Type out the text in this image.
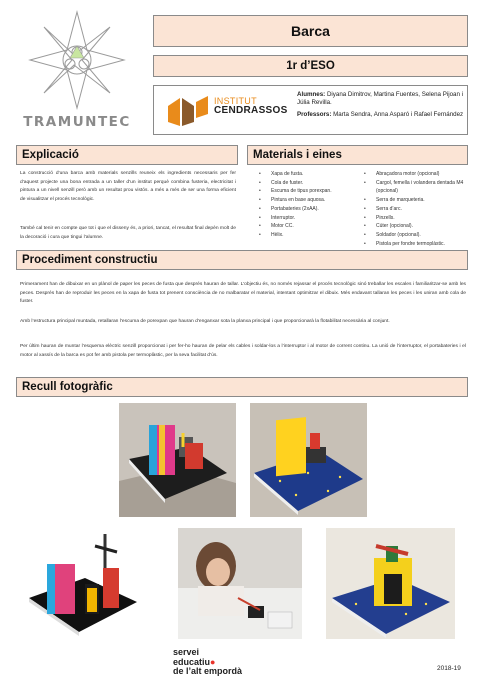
TRAMUNTEC
Barca
1r d’ESO
INSTITUT
CENDRASSOS
Alumnes: Diyana Dimitrov, Martina Fuentes, Selena Pijoan i Júlia Revilla.
Professors: Marta Sendra, Anna Asparó i Rafael Fernández
Explicació
La construcció d’una barca amb materials senzills reuneix els ingredients necessaris per fer d’aquest projecte una bona entrada a un taller d’un institut perquè combina fusteria, electricitat i pintura a un nivell senzill però amb un resultat prou vistós. a més a més de ser una forma eficient de visualitzar el procés tecnològic.
També cal tenir en compte que tot i que el disseny és, a priori, tancat, el resultat final depèn molt de la decoració i cura que tingui l’alumne.
Materials i eines
• Xapa de fusta.
• Cola de fuster.
• Escuma de tipus porexpan.
• Pintura en base aquosa.
• Portabateries (2xAA).
• Interruptor.
• Motor CC.
• Hèlix.
• Abraçadora motor (opcional)
• Cargol, femella i volandera dentada M4 (opcional)
• Serra de marqueteria.
• Serra d’arc.
• Pinzells.
• Cúter (opcional).
• Soldador (opcional).
• Pistola per fondre termoplàstic.
Procediment constructiu
Primerament han de dibuixar en un plànol de paper les peces de fusta que després hauran de tallar. L’objectiu és, no només rejassar el procés tecnològic sinó treballar les escales i familiaritzar-se amb les peces. Després han de reproduir les peces en la xapa de fusta tot prenent consciència de no malbaratar el material, intentant optimitzar el dibuix. Més endavant tallaran les peces i les uniran amb cola de fuster.
Amb l’estructura principal muntada, retallaran l’escuma de porexpan que hauran d’enganxar sota la planxa principal i que proporcionarà la flotabilitat necessària al conjunt.
Per últim hauran de muntar l’esquema elèctric senzill proporcionat i per fer-ho hauran de pelar els cables i soldar-los a l’interruptor i al motor de corrent continu. La unió de l’interruptor, el portabateries i el motor al xassís de la barca es pot fer amb pistola per termoplàstic, per la seva facilitat d’ús.
Recull fotogràfic
servei
educatiu●
de l’alt empordà	2018-19
